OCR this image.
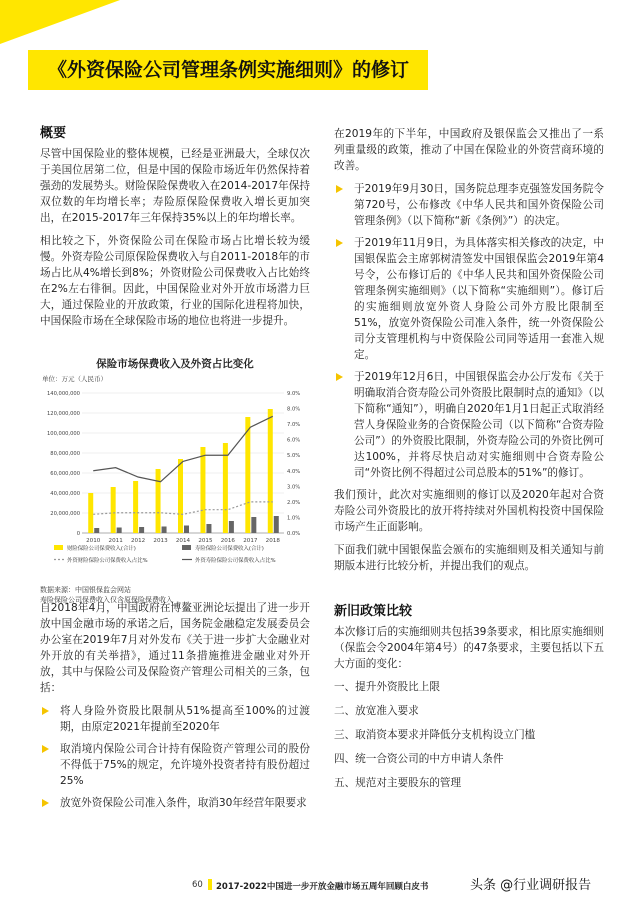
《外资保险公司管理条例实施细则》的修订
概要

尽管中国保险业的整体规模，已经是亚洲最大，全球仅次于美国位居第二位，但是中国的保险市场近年仍然保持着强劲的发展势头。财险保险保费收入在2014-2017年保持双位数的年均增长率；寿险原保险保费收入增长更加突出，在2015-2017年三年保持35%以上的年均增长率。

相比较之下，外资保险公司在保险市场占比增长较为缓慢。外资寿险公司原保险保费收入与自2011-2018年的市场占比从4%增长到8%；外资财险公司保费收入占比始终在2%左右徘徊。因此，中国保险业对外开放市场潜力巨大，通过保险业的开放政策，行业的国际化进程将加快，中国保险市场在全球保险市场的地位也将进一步提升。

保险市场保费收入及外资占比变化
单位：万元（人民币）
0
20,000,000
40,000,000
60,000,000
80,000,000
100,000,000
120,000,000
140,000,000
0.0%
1.0%
2.0%
3.0%
4.0%
5.0%
6.0%
7.0%
8.0%
9.0%
2010 2011 2012 2013 2014 2015 2016 2017 2018
财险保险公司保费收入(合计)	寿险保险公司保费收入(合计)
外资财险保险公司保费收入占比%	外资寿险保险公司保费收入占比%
数据来源：中国银保监会网站
寿险保险公司保费收入仅含原保险保费收入

自2018年4月，中国政府在博鳌亚洲论坛提出了进一步开放中国金融市场的承诺之后，国务院金融稳定发展委员会办公室在2019年7月对外发布《关于进一步扩大金融业对外开放的有关举措》，通过11条措施推进金融业对外开放，其中与保险公司及保险资产管理公司相关的三条，包括：

将人身险外资股比限制从51%提高至100%的过渡期，由原定2021年提前至2020年
取消境内保险公司合计持有保险资产管理公司的股份不得低于75%的规定，允许境外投资者持有股份超过25%
放宽外资保险公司准入条件，取消30年经营年限要求

在2019年的下半年，中国政府及银保监会又推出了一系列重量级的政策，推动了中国在保险业的外资营商环境的改善。

于2019年9月30日，国务院总理李克强签发国务院令第720号，公布修改《中华人民共和国外资保险公司管理条例》（以下简称“新《条例》”）的决定。
于2019年11月9日，为具体落实相关修改的决定，中国银保监会主席郭树清签发中国银保监会2019年第4号令，公布修订后的《中华人民共和国外资保险公司管理条例实施细则》（以下简称“实施细则”）。修订后的实施细则放宽外资人身险公司外方股比限制至51%，放宽外资保险公司准入条件，统一外资保险公司分支管理机构与中资保险公司同等适用一套准入规定。
于2019年12月6日，中国银保监会办公厅发布《关于明确取消合资寿险公司外资股比限制时点的通知》（以下简称“通知”），明确自2020年1月1日起正式取消经营人身保险业务的合资保险公司（以下简称“合资寿险公司”）的外资股比限制，外资寿险公司的外资比例可达100%，并将尽快启动对实施细则中合资寿险公司“外资比例不得超过公司总股本的51%”的修订。

我们预计，此次对实施细则的修订以及2020年起对合资寿险公司外资股比的放开将持续对外国机构投资中国保险市场产生正面影响。

下面我们就中国银保监会颁布的实施细则及相关通知与前期版本进行比较分析，并提出我们的观点。

新旧政策比较

本次修订后的实施细则共包括39条要求，相比原实施细则（保监会令2004年第4号）的47条要求，主要包括以下五大方面的变化：

一、提升外资股比上限
二、放宽准入要求
三、取消资本要求并降低分支机构设立门槛
四、统一合资公司的中方申请人条件
五、规范对主要股东的管理
60 2017-2022中国进一步开放金融市场五周年回顾白皮书	头条 @行业调研报告
